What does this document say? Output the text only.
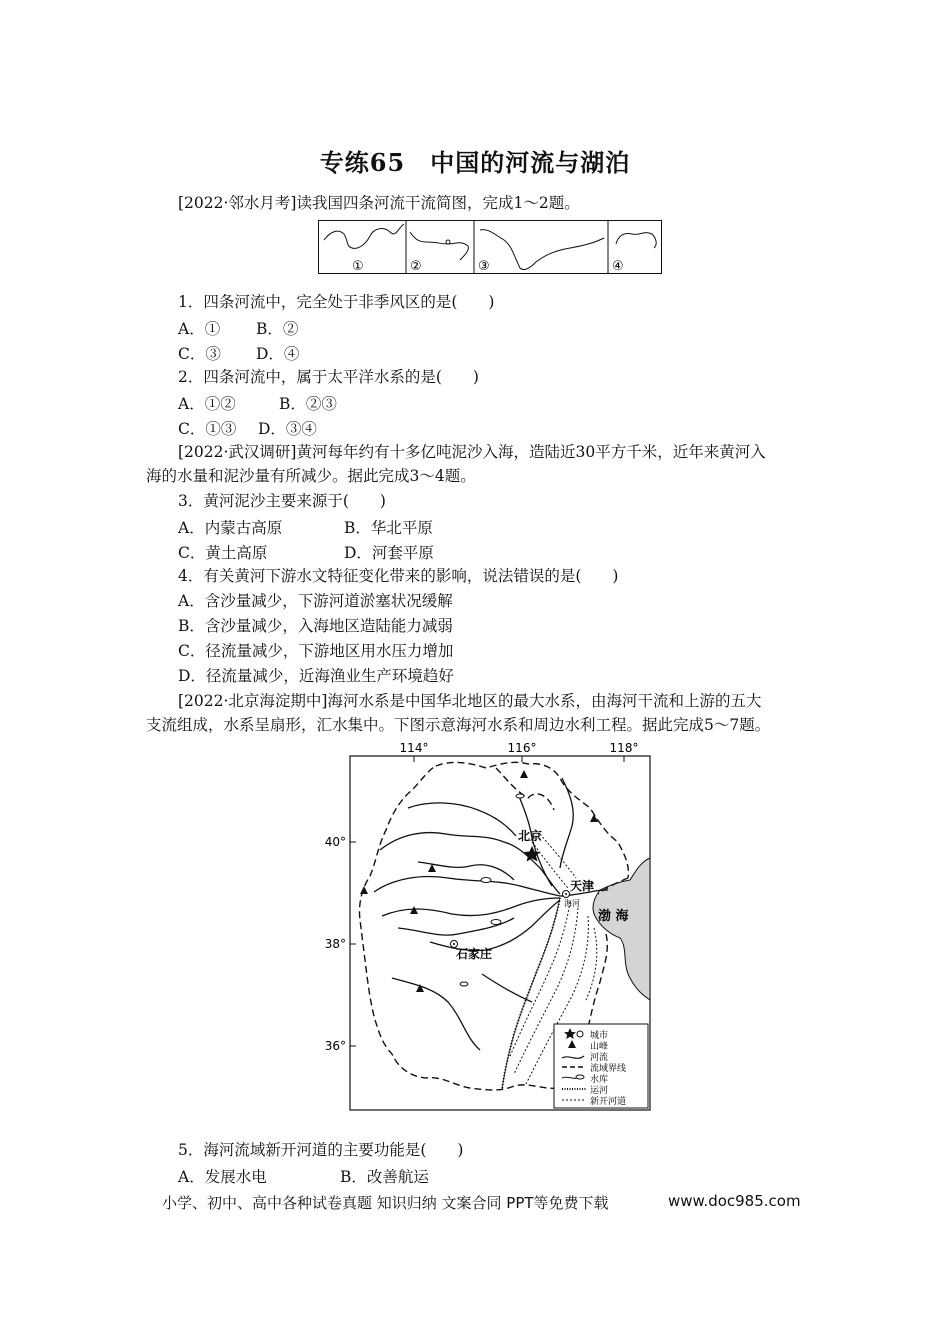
专练65　中国的河流与湖泊
[2022·邻水月考]读我国四条河流干流简图，完成1～2题。
①	②	③	④
1．四条河流中，完全处于非季风区的是(　　)
A．① B．②
C．③ D．④
2．四条河流中，属于太平洋水系的是(　　)
A．①②	B．②③
C．①③ D．③④
[2022·武汉调研]黄河每年约有十多亿吨泥沙入海，造陆近30平方千米，近年来黄河入
海的水量和泥沙量有所减少。据此完成3～4题。
3．黄河泥沙主要来源于(　　)
A．内蒙古高原	B．华北平原
C．黄土高原	D．河套平原
4．有关黄河下游水文特征变化带来的影响，说法错误的是(　　)
A．含沙量减少，下游河道淤塞状况缓解
B．含沙量减少，入海地区造陆能力减弱
C．径流量减少，下游地区用水压力增加
D．径流量减少，近海渔业生产环境趋好
[2022·北京海淀期中]海河水系是中国华北地区的最大水系，由海河干流和上游的五大
支流组成，水系呈扇形，汇水集中。下图示意海河水系和周边水利工程。据此完成5～7题。
114°	116°	118°
40°
38°
36°
北京
天津
海河
石家庄
渤 海
城市
山峰
河流
流域界线
水库
运河
新开河道
5．海河流域新开河道的主要功能是(　　)
A．发展水电	B．改善航运
小学、初中、高中各种试卷真题 知识归纳 文案合同 PPT等免费下载	www.doc985.com
